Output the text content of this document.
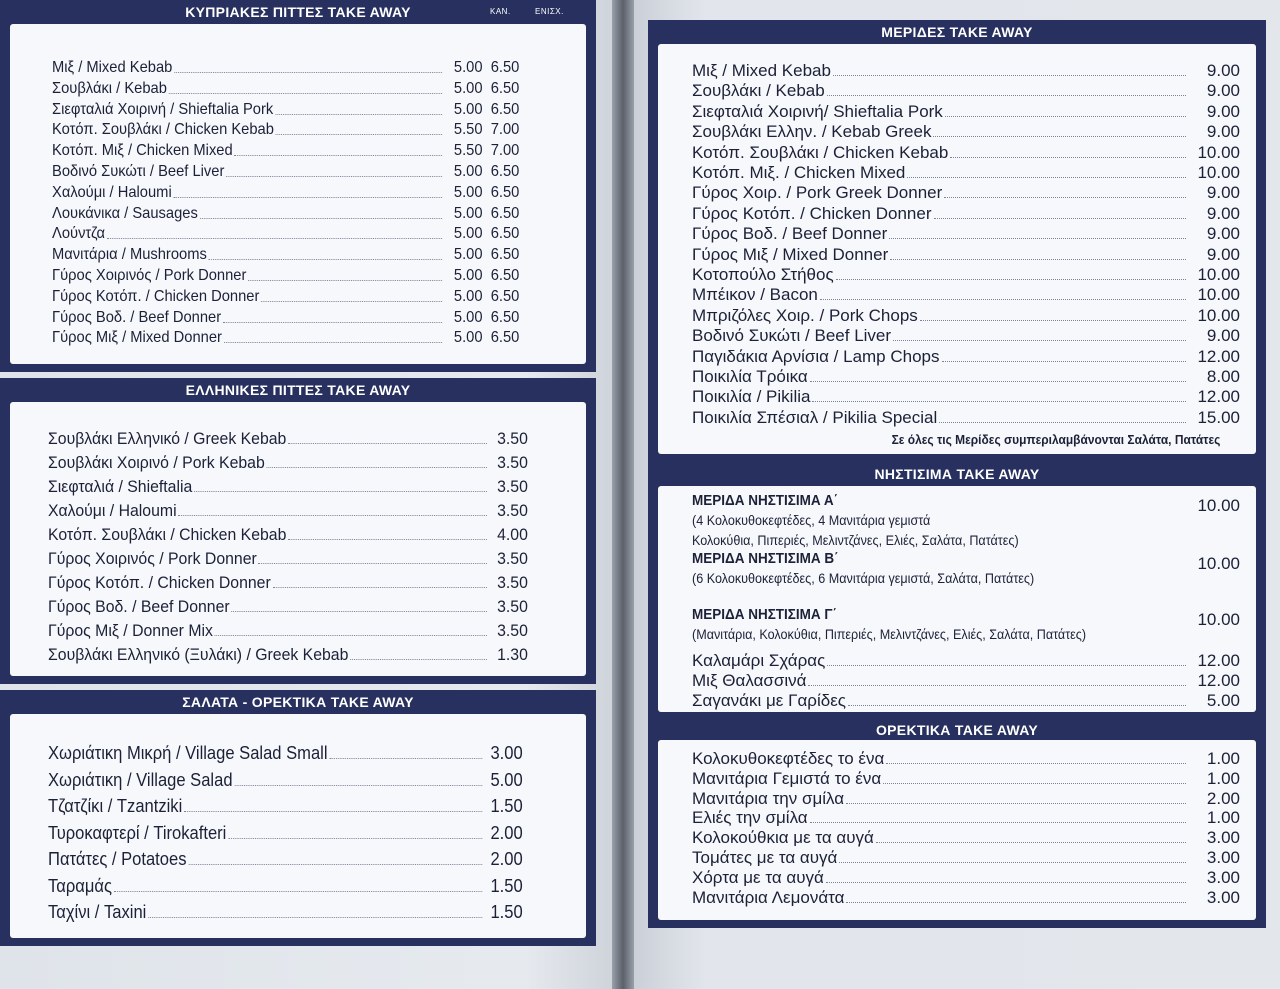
ΚΥΠΡΙΑΚΕΣ ΠΙΤΤΕΣ TAKE AWAY	ΚΑΝ.	ΕΝΙΣΧ.
Μιξ / Mixed Kebab	5.00 6.50
Σουβλάκι / Kebab	5.00 6.50
Σιεφταλιά Χοιρινή / Shieftalia Pork	5.00 6.50
Κοτόπ. Σουβλάκι / Chicken Kebab	5.50 7.00
Κοτόπ. Μιξ / Chicken Mixed	5.50 7.00
Βοδινό Συκώτι / Beef Liver	5.00 6.50
Χαλούμι / Haloumi	5.00 6.50
Λουκάνικα / Sausages	5.00 6.50
Λούντζα	5.00 6.50
Μανιτάρια / Mushrooms	5.00 6.50
Γύρος Χοιρινός / Pork Donner	5.00 6.50
Γύρος Κοτόπ. / Chicken Donner	5.00 6.50
Γύρος Βοδ. / Beef Donner	5.00 6.50
Γύρος Μιξ / Mixed Donner	5.00 6.50
ΕΛΛΗΝΙΚΕΣ ΠΙΤΤΕΣ TAKE AWAY
Σουβλάκι Ελληνικό / Greek Kebab	3.50
Σουβλάκι Χοιρινό / Pork Kebab	3.50
Σιεφταλιά / Shieftalia	3.50
Χαλούμι / Haloumi	3.50
Κοτόπ. Σουβλάκι / Chicken Kebab	4.00
Γύρος Χοιρινός / Pork Donner	3.50
Γύρος Κοτόπ. / Chicken Donner	3.50
Γύρος Βοδ. / Beef Donner	3.50
Γύρος Μιξ / Donner Mix	3.50
Σουβλάκι Ελληνικό (Ξυλάκι) / Greek Kebab	1.30
ΣΑΛΑΤΑ - ΟΡΕΚΤΙΚΑ TAKE AWAY
Χωριάτικη Μικρή / Village Salad Small	3.00
Χωριάτικη / Village Salad	5.00
Τζατζίκι / Tzantziki	1.50
Τυροκαφτερί / Tirokafteri	2.00
Πατάτες / Potatoes	2.00
Ταραμάς	1.50
Ταχίνι / Taxini	1.50
ΜΕΡΙΔΕΣ TAKE AWAY
Μιξ / Mixed Kebab	9.00
Σουβλάκι / Kebab	9.00
Σιεφταλιά Χοιρινή/ Shieftalia Pork	9.00
Σουβλάκι Ελλην. / Kebab Greek	9.00
Κοτόπ. Σουβλάκι / Chicken Kebab	10.00
Κοτόπ. Μιξ. / Chicken Mixed	10.00
Γύρος Χοιρ. / Pork Greek Donner	9.00
Γύρος Κοτόπ. / Chicken Donner	9.00
Γύρος Βοδ. / Beef Donner	9.00
Γύρος Μιξ / Mixed Donner	9.00
Κοτοπούλο Στήθος	10.00
Μπέικον / Bacon	10.00
Μπριζόλες Χοιρ. / Pork Chops	10.00
Βοδινό Συκώτι / Beef Liver	9.00
Παγιδάκια Αρνίσια / Lamp Chops	12.00
Ποικιλία Τρόικα	8.00
Ποικιλία / Pikilia	12.00
Ποικιλία Σπέσιαλ / Pikilia Special	15.00
Σε όλες τις Μερίδες συμπεριλαμβάνονται Σαλάτα, Πατάτες
ΝΗΣΤΙΣΙΜΑ TAKE AWAY
ΜΕΡΙΔΑ ΝΗΣΤΙΣΙΜΑ Α΄	10.00
(4 Κολοκυθοκεφτέδες, 4 Μανιτάρια γεμιστά
Κολοκύθια, Πιπεριές, Μελιντζάνες, Ελιές, Σαλάτα, Πατάτες)
ΜΕΡΙΔΑ ΝΗΣΤΙΣΙΜΑ Β΄	10.00
(6 Κολοκυθοκεφτέδες, 6 Μανιτάρια γεμιστά, Σαλάτα, Πατάτες)
ΜΕΡΙΔΑ ΝΗΣΤΙΣΙΜΑ Γ΄	10.00
(Μανιτάρια, Κολοκύθια, Πιπεριές, Μελιντζάνες, Ελιές, Σαλάτα, Πατάτες)
Καλαμάρι Σχάρας	12.00
Μιξ Θαλασσινά	12.00
Σαγανάκι με Γαρίδες	5.00
ΟΡΕΚΤΙΚΑ TAKE AWAY
Κολοκυθοκεφτέδες το ένα	1.00
Μανιτάρια Γεμιστά το ένα	1.00
Μανιτάρια την σμίλα	2.00
Ελιές την σμίλα	1.00
Κολοκούθκια με τα αυγά	3.00
Τομάτες με τα αυγά	3.00
Χόρτα με τα αυγά	3.00
Μανιτάρια Λεμονάτα	3.00
